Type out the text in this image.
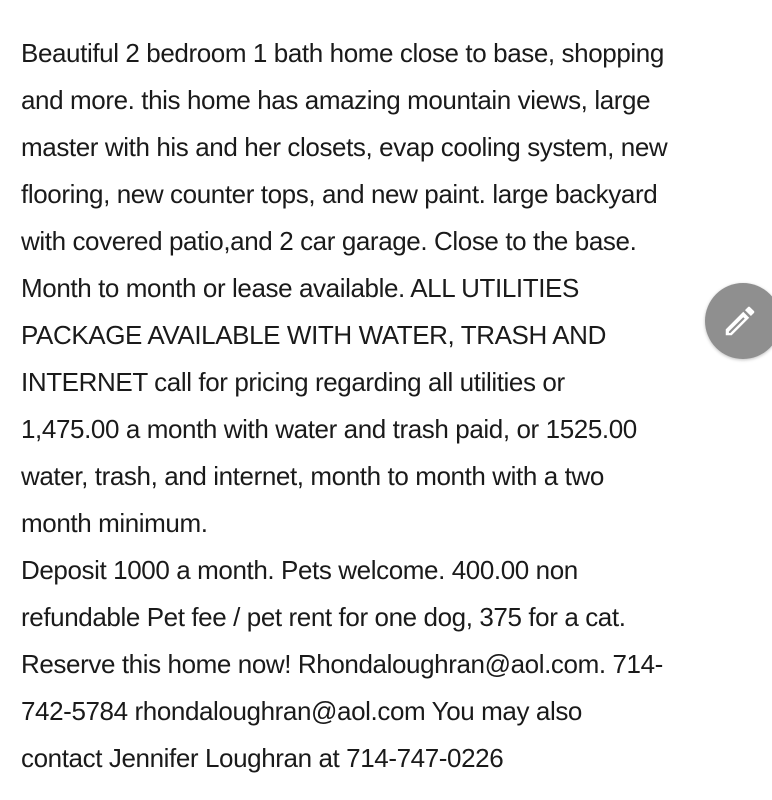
Beautiful 2 bedroom 1 bath home close to base, shopping
and more. this home has amazing mountain views, large
master with his and her closets, evap cooling system, new
flooring, new counter tops, and new paint. large backyard
with covered patio,and 2 car garage. Close to the base.
Month to month or lease available. ALL UTILITIES
PACKAGE AVAILABLE WITH WATER, TRASH AND
INTERNET call for pricing regarding all utilities or
1,475.00 a month with water and trash paid, or 1525.00
water, trash, and internet, month to month with a two
month minimum.
Deposit 1000 a month. Pets welcome. 400.00 non
refundable Pet fee / pet rent for one dog, 375 for a cat.
Reserve this home now! Rhondaloughran@aol.com. 714-
742-5784 rhondaloughran@aol.com You may also
contact Jennifer Loughran at 714-747-0226
